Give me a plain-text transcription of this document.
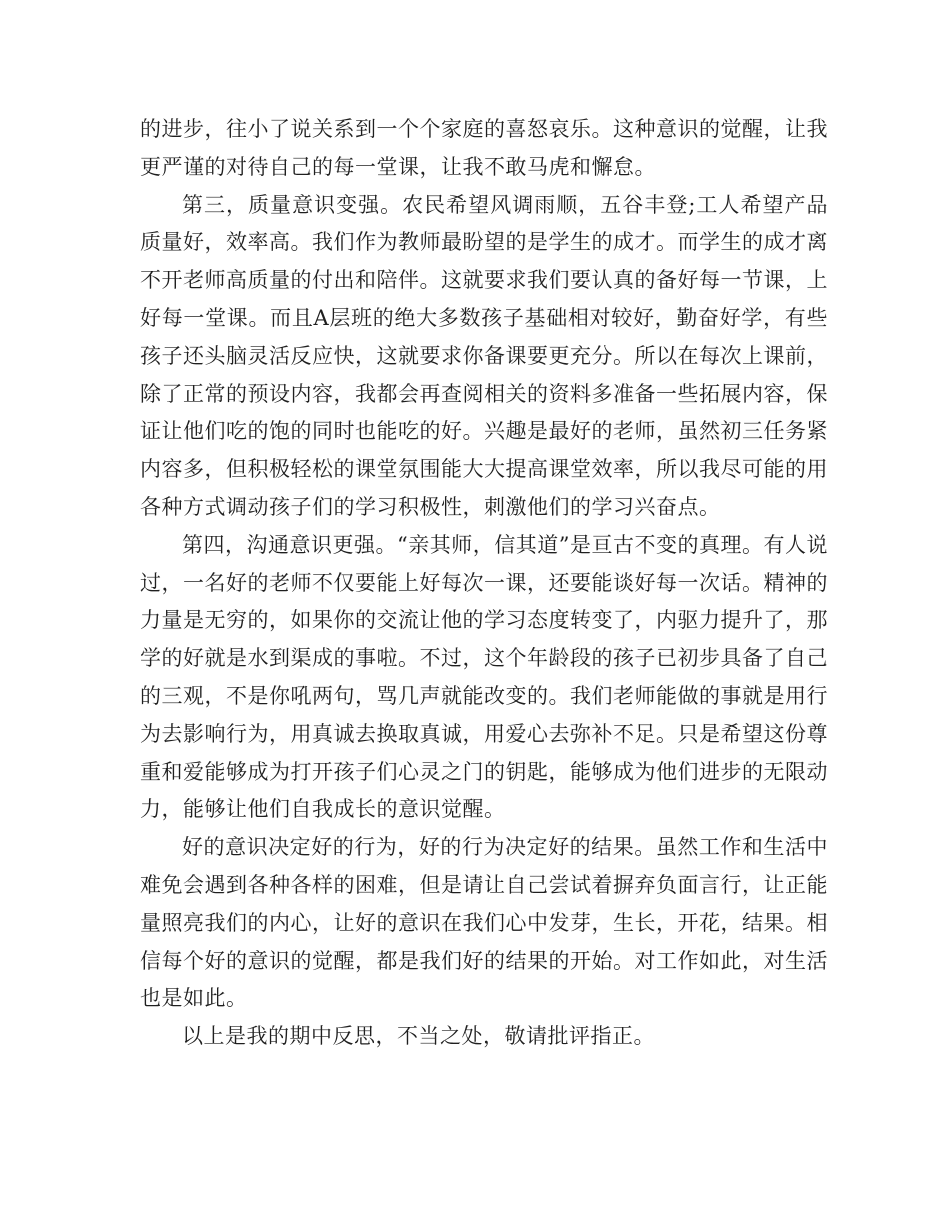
的进步，往小了说关系到一个个家庭的喜怒哀乐。这种意识的觉醒，让我更严谨的对待自己的每一堂课，让我不敢马虎和懈怠。

第三，质量意识变强。农民希望风调雨顺，五谷丰登;工人希望产品质量好，效率高。我们作为教师最盼望的是学生的成才。而学生的成才离不开老师高质量的付出和陪伴。这就要求我们要认真的备好每一节课，上好每一堂课。而且A层班的绝大多数孩子基础相对较好，勤奋好学，有些孩子还头脑灵活反应快，这就要求你备课要更充分。所以在每次上课前，除了正常的预设内容，我都会再查阅相关的资料多准备一些拓展内容，保证让他们吃的饱的同时也能吃的好。兴趣是最好的老师，虽然初三任务紧内容多，但积极轻松的课堂氛围能大大提高课堂效率，所以我尽可能的用各种方式调动孩子们的学习积极性，刺激他们的学习兴奋点。

第四，沟通意识更强。“亲其师，信其道”是亘古不变的真理。有人说过，一名好的老师不仅要能上好每次一课，还要能谈好每一次话。精神的力量是无穷的，如果你的交流让他的学习态度转变了，内驱力提升了，那学的好就是水到渠成的事啦。不过，这个年龄段的孩子已初步具备了自己的三观，不是你吼两句，骂几声就能改变的。我们老师能做的事就是用行为去影响行为，用真诚去换取真诚，用爱心去弥补不足。只是希望这份尊重和爱能够成为打开孩子们心灵之门的钥匙，能够成为他们进步的无限动力，能够让他们自我成长的意识觉醒。

好的意识决定好的行为，好的行为决定好的结果。虽然工作和生活中难免会遇到各种各样的困难，但是请让自己尝试着摒弃负面言行，让正能量照亮我们的内心，让好的意识在我们心中发芽，生长，开花，结果。相信每个好的意识的觉醒，都是我们好的结果的开始。对工作如此，对生活也是如此。

以上是我的期中反思，不当之处，敬请批评指正。
